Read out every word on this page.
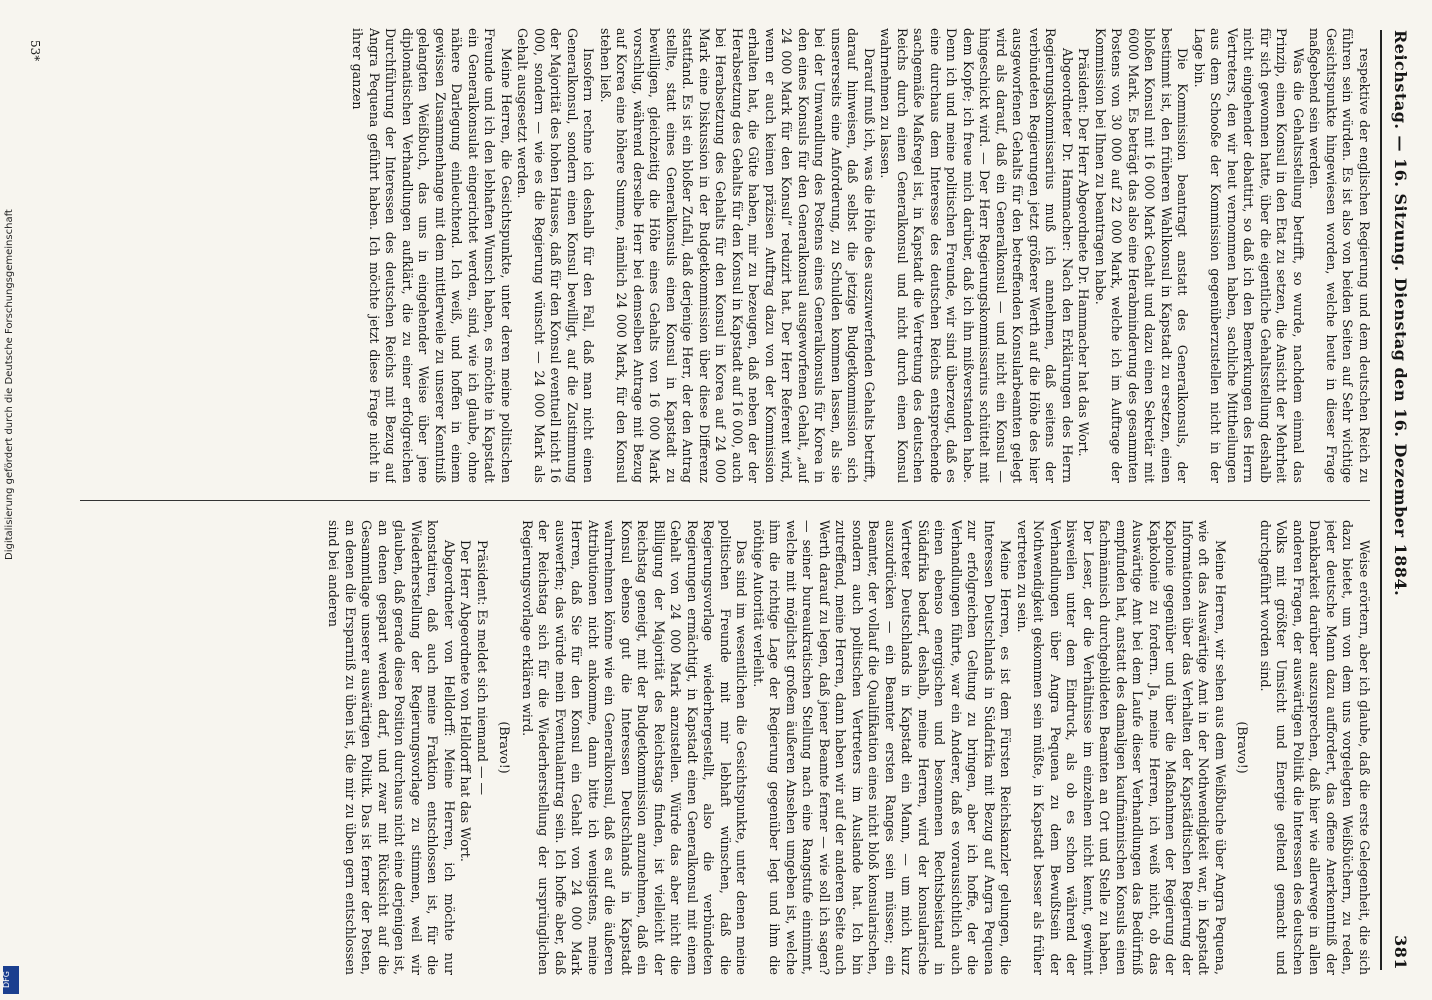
Reichstag. — 16. Sitzung. Dienstag den 16. Dezember 1884.
381

Weise erörtern, aber ich glaube, daß die erste Gelegenheit, die sich dazu bietet, um von dem uns vorgelegten Weißbüchern, zu reden, jeder deutsche Mann dazu auffordert, das offene Anerkenntniß der Dankbarkeit darüber auszusprechen, daß hier wie allerwege in allen anderen Fragen, der auswärtigen Politik die Interessen des deutschen Volks mit größter Umsicht und Energie geltend gemacht und durchgeführt worden sind.

(Bravo!)

Meine Herren, wir sehen aus dem Weißbuche über Angra Pequena, wie oft das Auswärtige Amt in der Nothwendigkeit war, in Kapstadt Informationen über das Verhalten der Kapstädtischen Regierung der Kaplonie gegenüber und über die Maßnahmen der Regierung der Kapkolonie zu fordern. Ja, meine Herren, ich weiß nicht, ob das Auswärtige Amt bei dem Laufe dieser Verhandlungen das Bedürfniß empfunden hat, anstatt des damaligen kaufmännischen Konsuls einen fachmännisch durchgebildeten Beamten an Ort und Stelle zu haben. Der Leser, der die Verhältnisse im einzelnen nicht kennt, gewinnt bisweilen unter dem Eindruck, als ob es schon während der Verhandlungen über Angra Pequena zu dem Bewußtsein der Nothwendigkeit gekommen sein müßte, in Kapstadt besser als früher vertreten zu sein.

Meine Herren, es ist dem Fürsten Reichskanzler gelungen, die Interessen Deutschlands in Südafrika mit Bezug auf Angra Pequena zur erfolgreichen Geltung zu bringen, aber ich hoffe, der die Verhandlungen führte, war ein Anderer, daß es voraussichtlich auch einen ebenso energischen und besonnenen Rechtsbeistand in Südafrika bedarf, deshalb, meine Herren, wird der konsularische Vertreter Deutschlands in Kapstadt ein Mann, — um mich kurz auszudrücken — ein Beamter ersten Ranges sein müssen; ein Beamter, der vollauf die Qualifikation eines nicht bloß konsularischen, sondern auch politischen Vertreters im Auslande hat. Ich bin zutreffend, meine Herren, dann haben wir auf der anderen Seite auch Werth darauf zu legen, daß jener Beamte ferner — wie soll ich sagen? — seiner bureaukratischen Stellung nach eine Rangstufe einnimmt, welche mit möglichst großem äußeren Ansehen umgeben ist, welche ihm die richtige Lage der Regierung gegenüber legt und ihm die nöthige Autorität verleiht.

Das sind im wesentlichen die Gesichtspunkte, unter denen meine politischen Freunde mit mir lebhaft wünschen, daß die Regierungsvorlage wiederhergestellt, also die verbündeten Regierungen ermächtigt, in Kapstadt einen Generalkonsul mit einem Gehalt von 24 000 Mark anzustellen. Würde das aber nicht die Billigung der Majorität des Reichstags finden, ist vielleicht der Reichstag geneigt, mit der Budgetkommission anzunehmen, daß ein Konsul ebenso gut die Interessen Deutschlands in Kapstadt wahrnehmen könne wie ein Generalkonsul, daß es auf die äußeren Attributionen nicht ankomme, dann bitte ich wenigstens, meine Herren, daß Sie für den Konsul ein Gehalt von 24 000 Mark auswerfen; das würde mein Eventualantrag sein. Ich hoffe aber, daß der Reichstag sich für die Wiederherstellung der ursprünglichen Regierungsvorlage erklären wird.

(Bravo!)

Präsident: Es meldet sich niemand — —

Der Herr Abgeordnete von Helldorff hat das Wort.

Abgeordneter von Helldorff: Meine Herren, ich möchte nur konstatiren, daß auch meine Fraktion entschlossen ist, für die Wiederherstellung der Regierungsvorlage zu stimmen, weil wir glauben, daß gerade diese Position durchaus nicht eine derjenigen ist, an denen gespart werden darf, und zwar mit Rücksicht auf die Gesammtlage unserer auswärtigen Politik. Das ist ferner der Posten, an denen die Ersparniß zu üben ist, die mir zu üben gern entschlossen sind bei anderen

respektive der englischen Regierung und dem deutschen Reich zu führen sein würden. Es ist also von beiden Seiten auf Sehr wichtige Gesichtspunkte hingewiesen worden, welche heute in dieser Frage maßgebend sein werden.

Was die Gehaltsstellung betrifft, so wurde, nachdem einmal das Prinzip, einen Konsul in den Etat zu setzen, die Ansicht der Mehrheit für sich gewonnen hatte, über die eigentliche Gehaltsstellung deshalb nicht eingehender debattirt, so daß ich den Bemerkungen des Herrn Vertreters, den wir heut vernommen haben, sachliche Mittheilungen aus dem Schooße der Kommission gegenüberzustellen nicht in der Lage bin.

Die Kommission beantragt anstatt des Generalkonsuls, der bestimmt ist, den früheren Wahlkonsul in Kapstadt zu ersetzen, einen bloßen Konsul mit 16 000 Mark Gehalt und dazu einen Sekretär mit 6000 Mark. Es beträgt das also eine Herabminderung des gesammten Postens von 30 000 auf 22 000 Mark, welche ich im Auftrage der Kommission bei Ihnen zu beantragen habe.

Präsident: Der Herr Abgeordnete Dr. Hammacher hat das Wort.

Abgeordneter Dr. Hammacher: Nach den Erklärungen des Herrn Regierungskommissarius muß ich annehmen, daß seitens der verbündeten Regierungen jetzt größerer Werth auf die Höhe des hier ausgeworfenen Gehalts für den betreffenden Konsularbeamten gelegt wird als darauf, daß ein Generalkonsul — und nicht ein Konsul — hingeschickt wird. — Der Herr Regierungskommissarius schüttelt mit dem Kopfe; ich freue mich darüber, daß ich ihn mißverstanden habe. Denn ich und meine politischen Freunde, wir sind überzeugt, daß es eine durchaus dem Interesse des deutschen Reichs entsprechende sachgemäße Maßregel ist, in Kapstadt die Vertretung des deutschen Reichs durch einen Generalkonsul und nicht durch einen Konsul wahrnehmen zu lassen.

Darauf muß ich, was die Höhe des auszuwerfenden Gehalts betrifft, darauf hinweisen, daß selbst die jetzige Budgetkommission sich unsererseits eine Anforderung, zu Schulden kommen lassen, als sie bei der Umwandlung des Postens eines Generalkonsuls für Korea in den eines Konsuls für den Generalkonsul ausgeworfenen Gehalt, „auf 24 000 Mark für den Konsul“ reduzirt hat. Der Herr Referent wird, wenn er auch keinen präzisen Auftrag dazu von der Kommission erhalten hat, die Güte haben, mir zu bezeugen, daß neben der der Herabsetzung des Gehalts für den Konsul in Kapstadt auf 16 000, auch bei Herabsetzung des Gehalts für den Konsul in Korea auf 24 000 Mark eine Diskussion in der Budgetkommission über diese Differenz stattfand. Es ist ein bloßer Zufall, daß derjenige Herr, der den Antrag stellte, statt eines Generalkonsuls einen Konsul in Kapstadt zu bewilligen, gleichzeitig die Höhe eines Gehalts von 16 000 Mark vorschlug, während derselbe Herr bei demselben Antrage mit Bezug auf Korea eine höhere Summe, nämlich 24 000 Mark, für den Konsul stehen ließ.

Insofern rechne ich deshalb für den Fall, daß man nicht einen Generalkonsul, sondern einen Konsul bewilligt, auf die Zustimmung der Majorität des hohen Hauses, daß für den Konsul eventuell nicht 16 000, sondern — wie es die Regierung wünscht — 24 000 Mark als Gehalt ausgesetzt werden.

Meine Herren, die Gesichtspunkte, unter deren meine politischen Freunde und ich den lebhaften Wunsch haben, es möchte in Kapstadt ein Generalkonsulat eingerichtet werden, sind, wie ich glaube, ohne nähere Darlegung einleuchtend. Ich weiß, und hoffen in einem gewissen Zusammenhange mit dem mittlerweile zu unserer Kenntniß gelangten Weißbuch, das uns in eingehender Weise über jene diplomatischen Verhandlungen aufklärt, die zu einer erfolgreichen Durchführung der Interessen des deutschen Reichs mit Bezug auf Angra Pequena geführt haben. Ich möchte jetzt diese Frage nicht in ihrer ganzen

53*
Digitalisierung gefördert durch die Deutsche Forschungsgemeinschaft
DFG
